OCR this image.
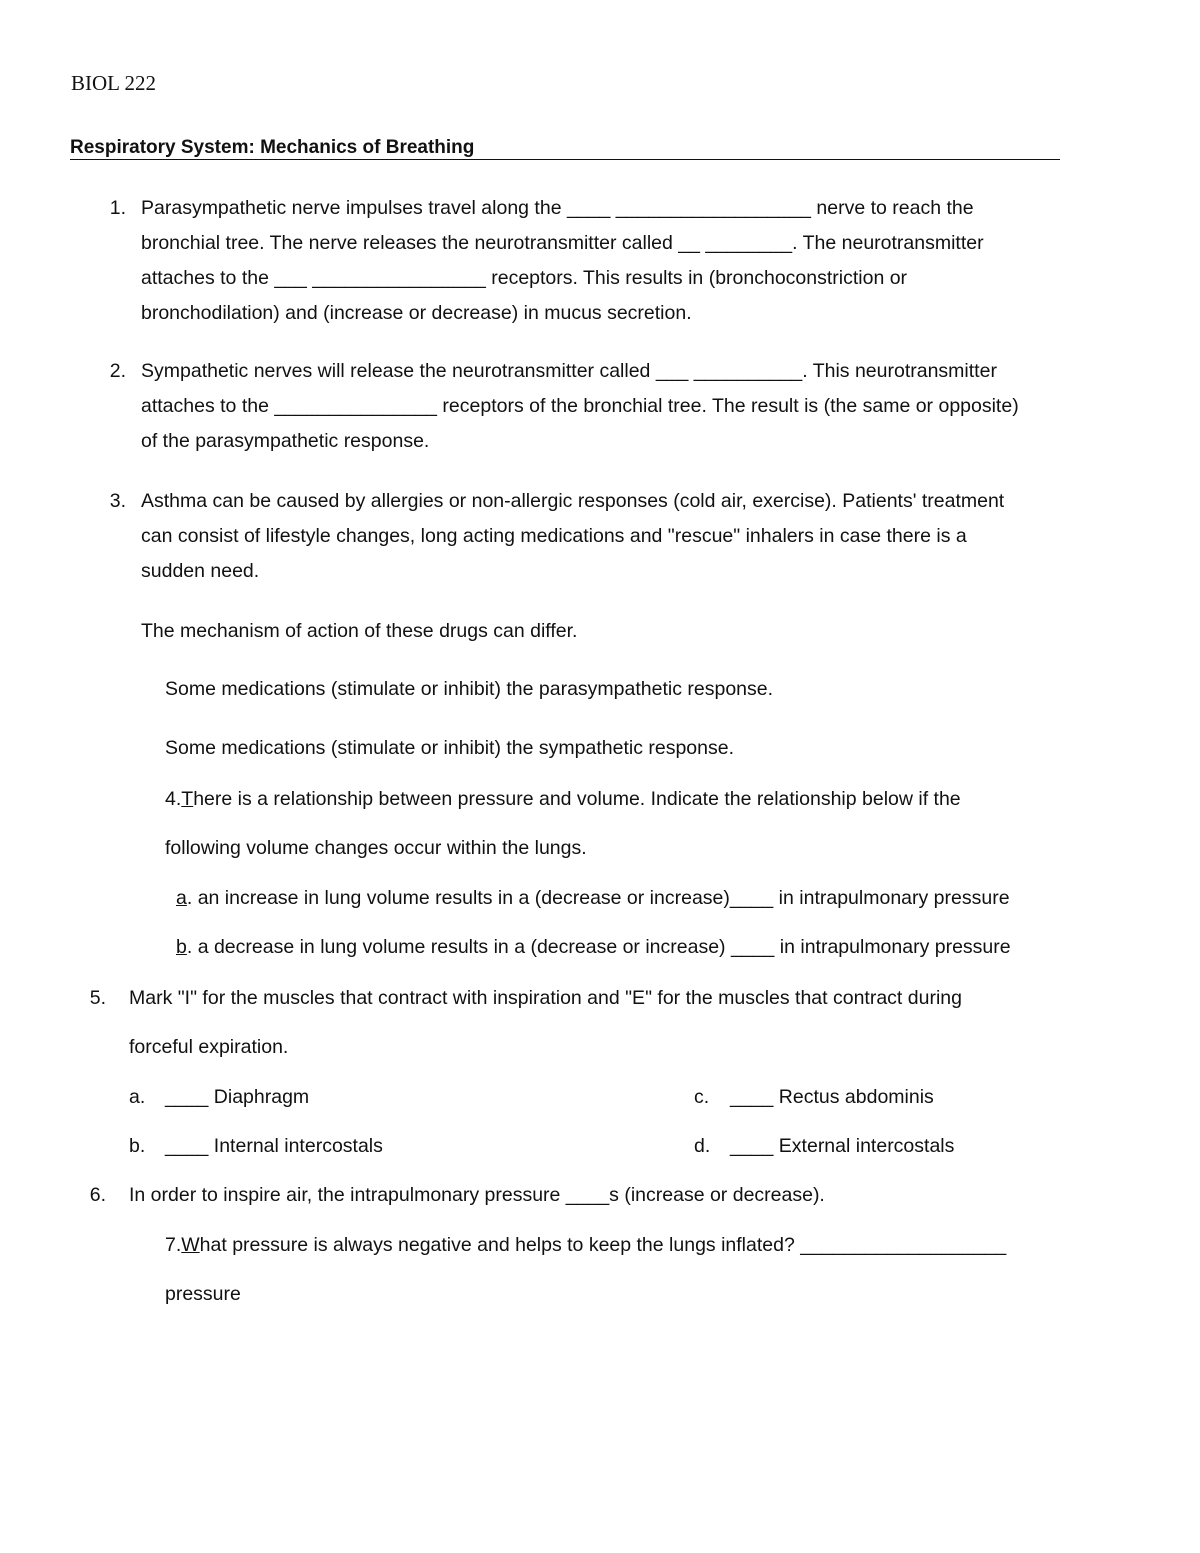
BIOL 222
Respiratory System: Mechanics of Breathing
1. Parasympathetic nerve impulses travel along the ____ __________________ nerve to reach the
bronchial tree. The nerve releases the neurotransmitter called __ ________. The neurotransmitter
attaches to the ___ ________________ receptors. This results in (bronchoconstriction or
bronchodilation) and (increase or decrease) in mucus secretion.
2. Sympathetic nerves will release the neurotransmitter called ___ __________. This neurotransmitter
attaches to the _______________ receptors of the bronchial tree. The result is (the same or opposite)
of the parasympathetic response.
3. Asthma can be caused by allergies or non-allergic responses (cold air, exercise). Patients' treatment
can consist of lifestyle changes, long acting medications and "rescue" inhalers in case there is a
sudden need.
The mechanism of action of these drugs can differ.
Some medications (stimulate or inhibit) the parasympathetic response.
Some medications (stimulate or inhibit) the sympathetic response.
4.There is a relationship between pressure and volume. Indicate the relationship below if the
following volume changes occur within the lungs.
a. an increase in lung volume results in a (decrease or increase)____ in intrapulmonary pressure
b. a decrease in lung volume results in a (decrease or increase) ____ in intrapulmonary pressure
5. Mark "I" for the muscles that contract with inspiration and "E" for the muscles that contract during
forceful expiration.
a. ____ Diaphragm
b. ____ Internal intercostals
c. ____ Rectus abdominis
d. ____ External intercostals
6. In order to inspire air, the intrapulmonary pressure ____s (increase or decrease).
7.What pressure is always negative and helps to keep the lungs inflated? ___________________
pressure
